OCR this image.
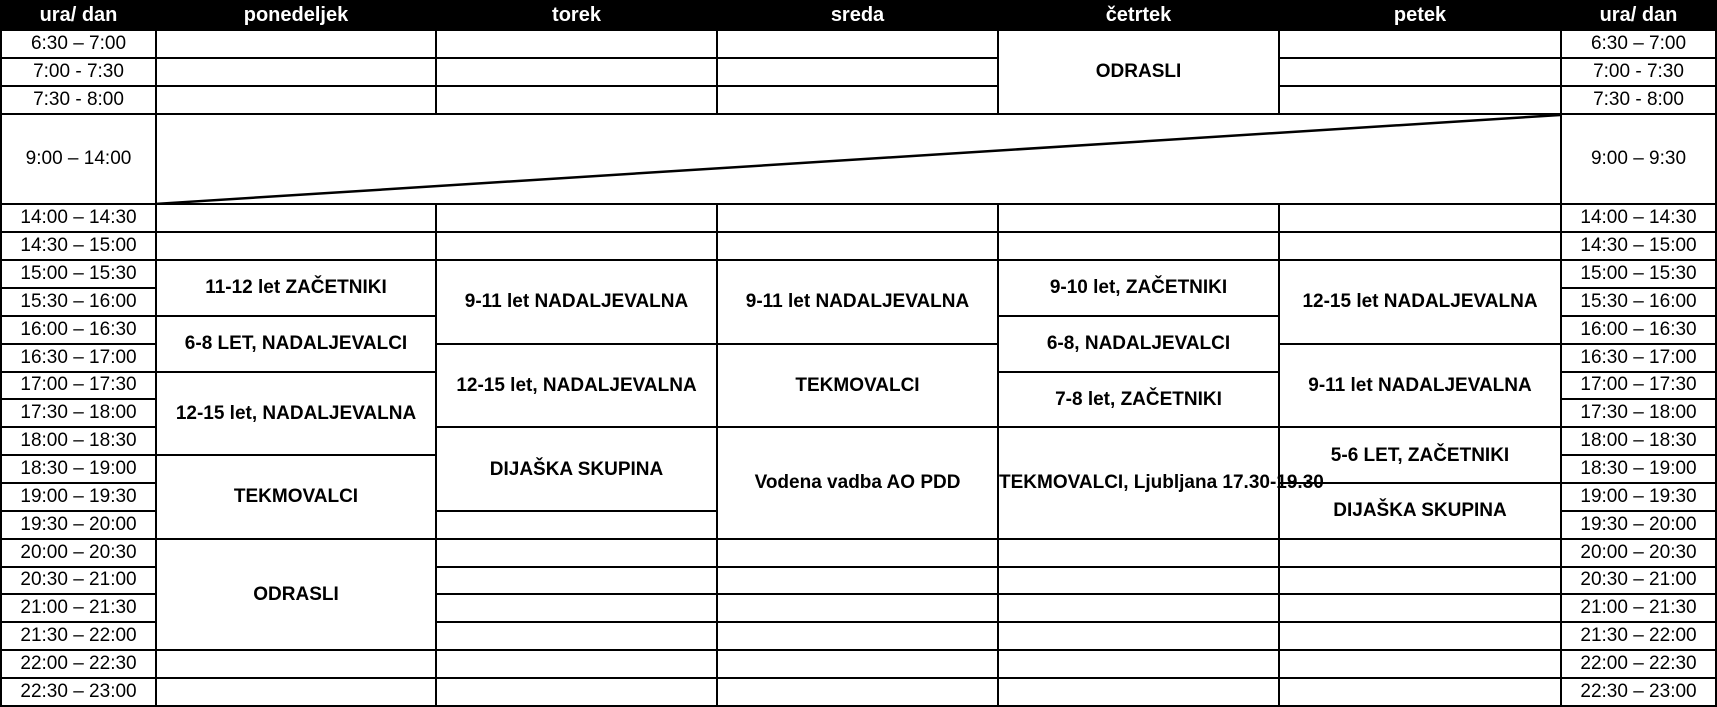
ura/ dan	ponedeljek	torek	sreda	četrtek	petek	ura/ dan
6:30 – 7:00				ODRASLI		6:30 – 7:00
7:00 - 7:30						7:00 - 7:30
7:30 - 8:00						7:30 - 8:00
9:00 – 14:00						9:00 – 9:30
14:00 – 14:30						14:00 – 14:30
14:30 – 15:00						14:30 – 15:00
15:00 – 15:30	11-12 let ZAČETNIKI	9-11 let NADALJEVALNA	9-11 let NADALJEVALNA	9-10 let, ZAČETNIKI	12-15 let NADALJEVALNA	15:00 – 15:30
15:30 – 16:00						15:30 – 16:00
16:00 – 16:30	6-8 LET, NADALJEVALCI			6-8, NADALJEVALCI		16:00 – 16:30
16:30 – 17:00		12-15 let, NADALJEVALNA	TEKMOVALCI		9-11 let NADALJEVALNA	16:30 – 17:00
17:00 – 17:30	12-15 let, NADALJEVALNA			7-8 let, ZAČETNIKI		17:00 – 17:30
17:30 – 18:00						17:30 – 18:00
18:00 – 18:30		DIJAŠKA SKUPINA	Vodena vadba AO PDD	TEKMOVALCI, Ljubljana 17.30-19.30	5-6 LET, ZAČETNIKI	18:00 – 18:30
18:30 – 19:00	TEKMOVALCI					18:30 – 19:00
19:00 – 19:30					DIJAŠKA SKUPINA	19:00 – 19:30
19:30 – 20:00						19:30 – 20:00
20:00 – 20:30	ODRASLI					20:00 – 20:30
20:30 – 21:00						20:30 – 21:00
21:00 – 21:30						21:00 – 21:30
21:30 – 22:00						21:30 – 22:00
22:00 – 22:30						22:00 – 22:30
22:30 – 23:00						22:30 – 23:00
